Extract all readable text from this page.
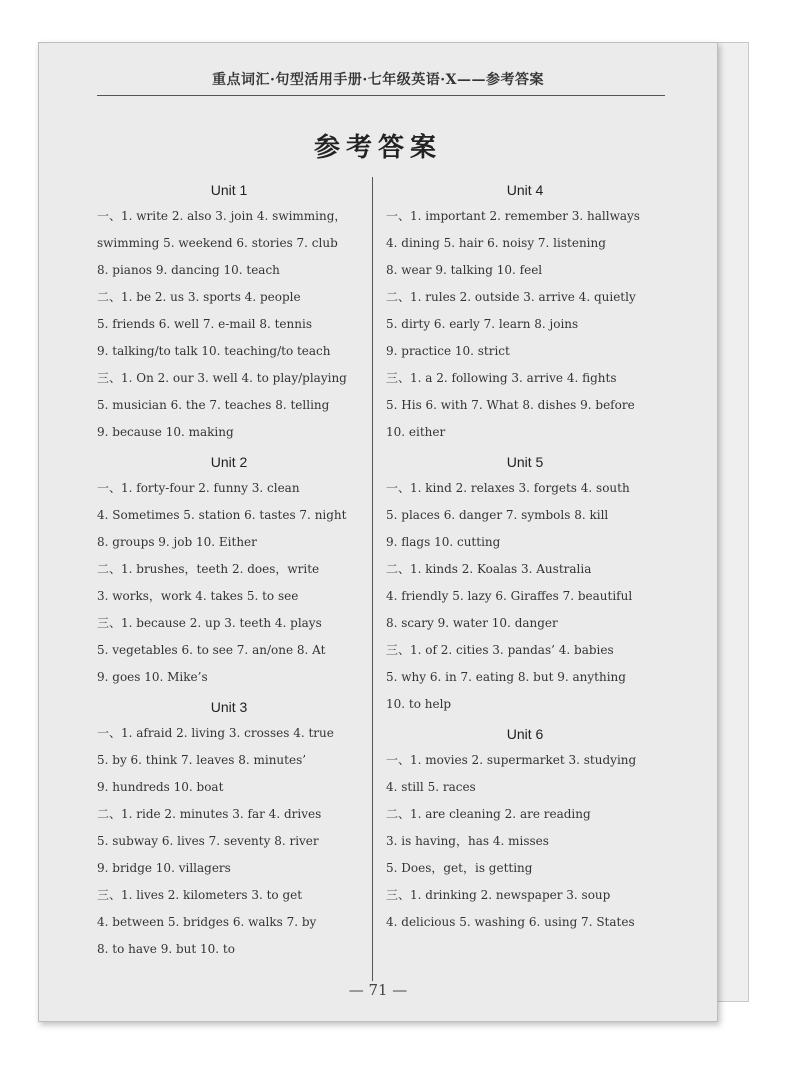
重点词汇·句型活用手册·七年级英语·X——参考答案
参考答案
Unit 1
一、1. write 2. also 3. join 4. swimming，
swimming 5. weekend 6. stories 7. club
8. pianos 9. dancing 10. teach
二、1. be 2. us 3. sports 4. people
5. friends 6. well 7. e-mail 8. tennis
9. talking/to talk 10. teaching/to teach
三、1. On 2. our 3. well 4. to play/playing
5. musician 6. the 7. teaches 8. telling
9. because 10. making
Unit 2
一、1. forty-four 2. funny 3. clean
4. Sometimes 5. station 6. tastes 7. night
8. groups 9. job 10. Either
二、1. brushes，teeth 2. does，write
3. works，work 4. takes 5. to see
三、1. because 2. up 3. teeth 4. plays
5. vegetables 6. to see 7. an/one 8. At
9. goes 10. Mike’s
Unit 3
一、1. afraid 2. living 3. crosses 4. true
5. by 6. think 7. leaves 8. minutes’
9. hundreds 10. boat
二、1. ride 2. minutes 3. far 4. drives
5. subway 6. lives 7. seventy 8. river
9. bridge 10. villagers
三、1. lives 2. kilometers 3. to get
4. between 5. bridges 6. walks 7. by
8. to have 9. but 10. to
Unit 4
一、1. important 2. remember 3. hallways
4. dining 5. hair 6. noisy 7. listening
8. wear 9. talking 10. feel
二、1. rules 2. outside 3. arrive 4. quietly
5. dirty 6. early 7. learn 8. joins
9. practice 10. strict
三、1. a 2. following 3. arrive 4. fights
5. His 6. with 7. What 8. dishes 9. before
10. either
Unit 5
一、1. kind 2. relaxes 3. forgets 4. south
5. places 6. danger 7. symbols 8. kill
9. flags 10. cutting
二、1. kinds 2. Koalas 3. Australia
4. friendly 5. lazy 6. Giraffes 7. beautiful
8. scary 9. water 10. danger
三、1. of 2. cities 3. pandas’ 4. babies
5. why 6. in 7. eating 8. but 9. anything
10. to help
Unit 6
一、1. movies 2. supermarket 3. studying
4. still 5. races
二、1. are cleaning 2. are reading
3. is having，has 4. misses
5. Does，get，is getting
三、1. drinking 2. newspaper 3. soup
4. delicious 5. washing 6. using 7. States
— 71 —
